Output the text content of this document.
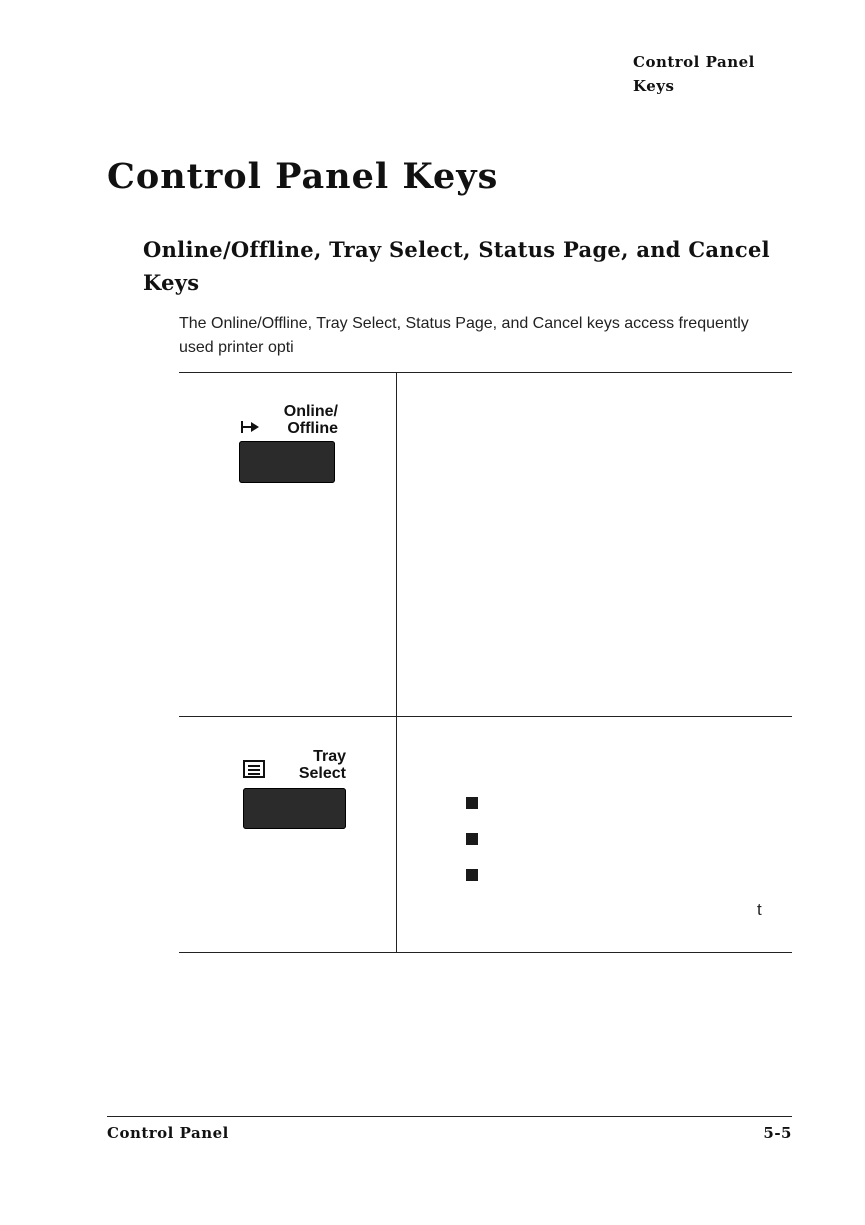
Control Panel
Keys
Control Panel Keys
Online/Offline, Tray Select, Status Page, and Cancel Keys

The Online/Offline, Tray Select, Status Page, and Cancel keys access frequently used printer opti

Online/
Offline
Tray
Select
t
Control Panel	5-5
